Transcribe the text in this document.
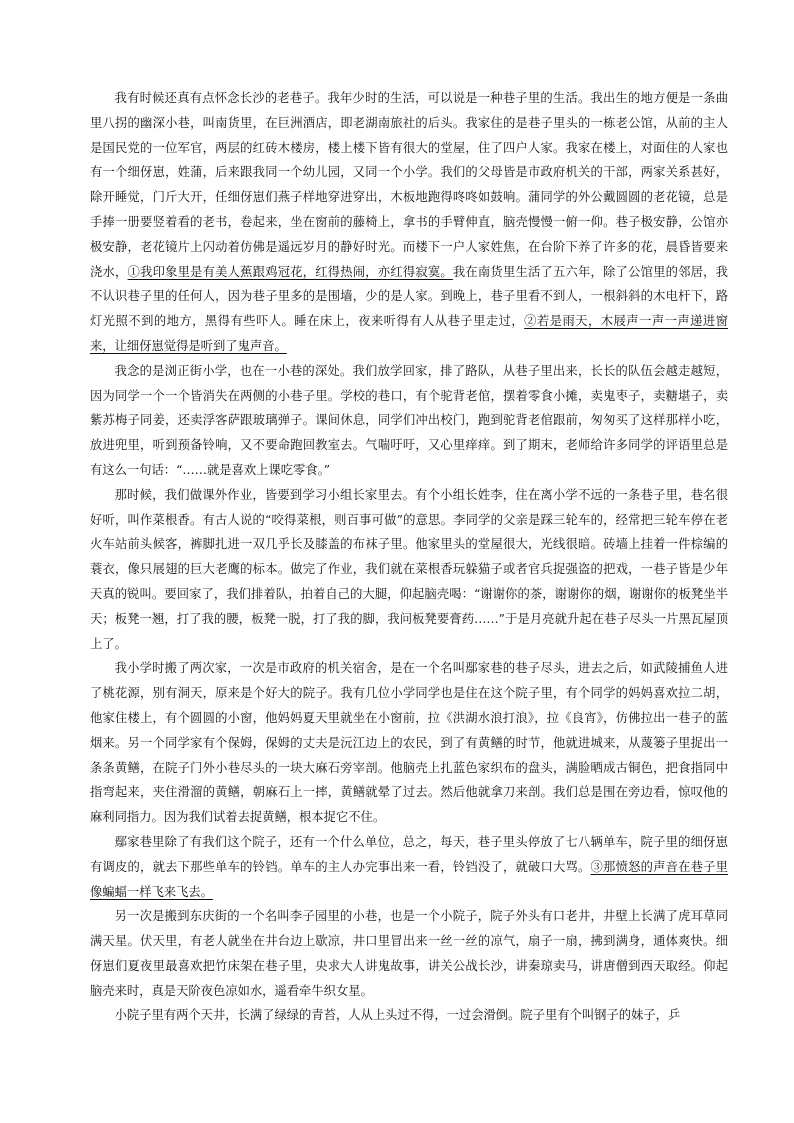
我有时候还真有点怀念长沙的老巷子。我年少时的生活，可以说是一种巷子里的生活。我出生的地方便是一条曲里八拐的幽深小巷，叫南货里，在巨洲酒店，即老湖南旅社的后头。我家住的是巷子里头的一栋老公馆，从前的主人是国民党的一位军官，两层的红砖木楼房，楼上楼下皆有很大的堂屋，住了四户人家。我家在楼上，对面住的人家也有一个细伢崽，姓蒲，后来跟我同一个幼儿园，又同一个小学。我们的父母皆是市政府机关的干部，两家关系甚好，除开睡觉，门斤大开，任细伢崽们燕子样地穿进穿出，木板地跑得咚咚如鼓响。蒲同学的外公戴圆圆的老花镜，总是手捧一册要竖着看的老书，卷起来，坐在窗前的藤椅上，拿书的手臂伸直，脑壳慢慢一俯一仰。巷子极安静，公馆亦极安静，老花镜片上闪动着仿佛是遥远岁月的静好时光。而楼下一户人家姓焦，在台阶下养了许多的花，晨昏皆要来浇水，①我印象里是有美人蕉跟鸡冠花，红得热闹，亦红得寂寞。我在南货里生活了五六年，除了公馆里的邻居，我不认识巷子里的任何人，因为巷子里多的是围墙，少的是人家。到晚上，巷子里看不到人，一根斜斜的木电杆下，路灯光照不到的地方，黑得有些吓人。睡在床上，夜来听得有人从巷子里走过，②若是雨天，木屐声一声一声递进窗来，让细伢崽觉得是听到了鬼声音。

我念的是浏正街小学，也在一小巷的深处。我们放学回家，排了路队，从巷子里出来，长长的队伍会越走越短，因为同学一个一个皆消失在两侧的小巷子里。学校的巷口，有个驼背老倌，摆着零食小摊，卖鬼枣子，卖糖堪子，卖紫苏梅子同姜，还卖浮客萨跟玻璃弹子。课间休息，同学们冲出校门，跑到驼背老倌跟前，匆匆买了这样那样小吃，放进兜里，听到预备铃响，又不要命跑回教室去。气喘吁吁，又心里痒痒。到了期末，老师给许多同学的评语里总是有这么一句话：“……就是喜欢上课吃零食。”

那时候，我们做课外作业，皆要到学习小组长家里去。有个小组长姓李，住在离小学不远的一条巷子里，巷名很好听，叫作菜根香。有古人说的“咬得菜根，则百事可做”的意思。李同学的父亲是踩三轮车的，经常把三轮车停在老火车站前头候客，裤脚扎进一双几乎长及膝盖的布袜子里。他家里头的堂屋很大，光线很暗。砖墙上挂着一件棕编的蓑衣，像只展翅的巨大老鹰的标本。做完了作业，我们就在菜根香玩躲猫子或者官兵捉强盗的把戏，一巷子皆是少年天真的锐叫。要回家了，我们排着队，拍着自己的大腿，仰起脑壳喝：“谢谢你的茶，谢谢你的烟，谢谢你的板凳坐半天；板凳一翘，打了我的腰，板凳一脱，打了我的脚，我问板凳要膏药……”于是月亮就升起在巷子尽头一片黑瓦屋顶上了。

我小学时搬了两次家，一次是市政府的机关宿舍，是在一个名叫鄢家巷的巷子尽头，进去之后，如武陵捕鱼人进了桃花源，别有洞天，原来是个好大的院子。我有几位小学同学也是住在这个院子里，有个同学的妈妈喜欢拉二胡，他家住楼上，有个圆圆的小窗，他妈妈夏天里就坐在小窗前，拉《洪湖水浪打浪》，拉《良宵》，仿佛拉出一巷子的蓝烟来。另一个同学家有个保姆，保姆的丈夫是沅江边上的农民，到了有黄鳝的时节，他就进城来，从蔑篓子里捉出一条条黄鳝，在院子门外小巷尽头的一块大麻石旁宰剖。他脑壳上扎蓝色家织布的盘头，满脸晒成古铜色，把食指同中指弯起来，夹住滑溜的黄鳝，朝麻石上一摔，黄鳝就晕了过去。然后他就拿刀来剖。我们总是围在旁边看，惊叹他的麻利同指力。因为我们试着去捉黄鳝，根本捉它不住。

鄢家巷里除了有我们这个院子，还有一个什么单位，总之，每天，巷子里头停放了七八辆单车，院子里的细伢崽有调皮的，就去下那些单车的铃铛。单车的主人办完事出来一看，铃铛没了，就破口大骂。③那愤怒的声音在巷子里像蝙蝠一样飞来飞去。

另一次是搬到东庆街的一个名叫李子园里的小巷，也是一个小院子，院子外头有口老井，井壁上长满了虎耳草同满天星。伏天里，有老人就坐在井台边上歇凉，井口里冒出来一丝一丝的凉气，扇子一扇，拂到满身，通体爽快。细伢崽们夏夜里最喜欢把竹床架在巷子里，央求大人讲鬼故事，讲关公战长沙，讲秦琼卖马，讲唐僧到西天取经。仰起脑壳来时，真是天阶夜色凉如水，遥看牵牛织女星。

小院子里有两个天井，长满了绿绿的青苔，人从上头过不得，一过会滑倒。院子里有个叫钢子的妹子，乒
